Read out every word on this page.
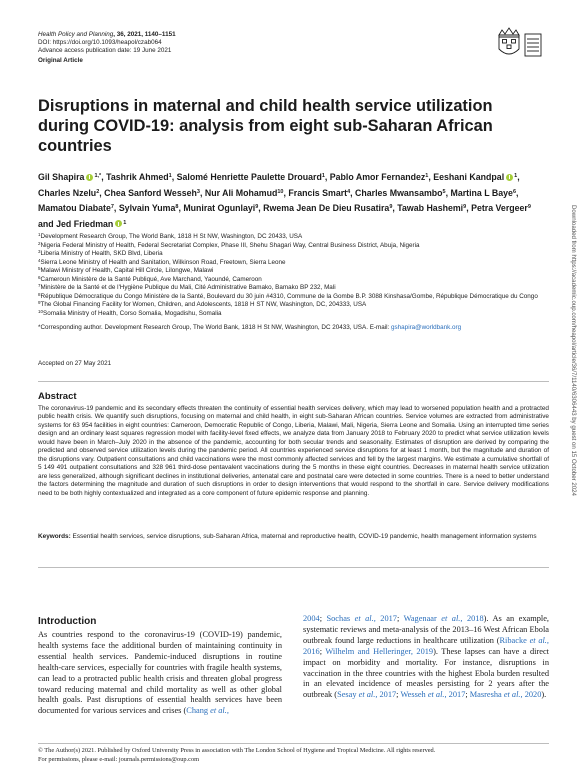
Health Policy and Planning, 36, 2021, 1140–1151
DOI: https://doi.org/10.1093/heapol/czab064
Advance access publication date: 19 June 2021
Original Article
Disruptions in maternal and child health service utilization during COVID-19: analysis from eight sub-Saharan African countries
Gil Shapira $^{1,*}$, Tashrik Ahmed$^1$, Salomé Henriette Paulette Drouard$^1$, Pablo Amor Fernandez$^1$, Eeshani Kandpal $^1$, Charles Nzelu$^2$, Chea Sanford Wesseh$^3$, Nur Ali Mohamud$^{10}$, Francis Smart$^4$, Charles Mwansambo$^5$, Martina L Baye$^6$, Mamatou Diabate$^7$, Sylvain Yuma$^8$, Munirat Ogunlayi$^9$, Rwema Jean De Dieu Rusatira$^9$, Tawab Hashemi$^9$, Petra Vergeer$^9$ and Jed Friedman $^1$
$^1$Development Research Group, The World Bank, 1818 H St NW, Washington, DC 20433, USA
$^2$Nigeria Federal Ministry of Health, Federal Secretariat Complex, Phase III, Shehu Shagari Way, Central Business District, Abuja, Nigeria
$^3$Liberia Ministry of Health, SKD Blvd, Liberia
$^4$Sierra Leone Ministry of Health and Sanitation, Wilkinson Road, Freetown, Sierra Leone
$^5$Malawi Ministry of Health, Capital Hill Circle, Lilongwe, Malawi
$^6$Cameroun Ministère de la Santé Publiqué, Ave Marchand, Yaoundé, Cameroon
$^7$Ministère de la Santé et de l'Hygiène Publique du Mali, Cité Administrative Bamako, Bamako BP 232, Mali
$^8$République Démocratique du Congo Ministère de la Santé, Boulevard du 30 juin #4310, Commune de la Gombe B.P. 3088 Kinshasa/Gombe, République Démocratique du Congo
$^9$The Global Financing Facility for Women, Children, and Adolescents, 1818 H ST NW, Washington, DC, 204333, USA
$^{10}$Somalia Ministry of Health, Corso Somalia, Mogadishu, Somalia
*Corresponding author. Development Research Group, The World Bank, 1818 H St NW, Washington, DC 20433, USA. E-mail: gshapira@worldbank.org
Accepted on 27 May 2021
Abstract
The coronavirus-19 pandemic and its secondary effects threaten the continuity of essential health services delivery, which may lead to worsened population health and a protracted public health crisis. We quantify such disruptions, focusing on maternal and child health, in eight sub-Saharan African countries. Service volumes are extracted from administrative systems for 63 954 facilities in eight countries: Cameroon, Democratic Republic of Congo, Liberia, Malawi, Mali, Nigeria, Sierra Leone and Somalia. Using an interrupted time series design and an ordinary least squares regression model with facility-level fixed effects, we analyze data from January 2018 to February 2020 to predict what service utilization levels would have been in March–July 2020 in the absence of the pandemic, accounting for both secular trends and seasonality. Estimates of disruption are derived by comparing the predicted and observed service utilization levels during the pandemic period. All countries experienced service disruptions for at least 1 month, but the magnitude and duration of the disruptions vary. Outpatient consultations and child vaccinations were the most commonly affected services and fell by the largest margins. We estimate a cumulative shortfall of 5 149 491 outpatient consultations and 328 961 third-dose pentavalent vaccinations during the 5 months in these eight countries. Decreases in maternal health service utilization are less generalized, although significant declines in institutional deliveries, antenatal care and postnatal care were detected in some countries. There is a need to better understand the factors determining the magnitude and duration of such disruptions in order to design interventions that would respond to the shortfall in care. Service delivery modifications need to be both highly contextualized and integrated as a core component of future epidemic response and planning.
Keywords: Essential health services, service disruptions, sub-Saharan Africa, maternal and reproductive health, COVID-19 pandemic, health management information systems
Introduction
As countries respond to the coronavirus-19 (COVID-19) pandemic, health systems face the additional burden of maintaining continuity in essential health services. Pandemic-induced disruptions in routine health-care services, especially for countries with fragile health systems, can lead to a protracted public health crisis and threaten global progress toward reducing maternal and child mortality as well as other global health goals. Past disruptions of essential health services have been documented for various services and crises (Chang et al.,
2004; Sochas et al., 2017; Wagenaar et al., 2018). As an example, systematic reviews and meta-analysis of the 2013–16 West African Ebola outbreak found large reductions in healthcare utilization (Ribacke et al., 2016; Wilhelm and Helleringer, 2019). These lapses can have a direct impact on morbidity and mortality. For instance, disruptions in vaccination in the three countries with the highest Ebola burden resulted in an elevated incidence of measles persisting for 2 years after the outbreak (Sesay et al., 2017; Wesseh et al., 2017; Masresha et al., 2020).
© The Author(s) 2021. Published by Oxford University Press in association with The London School of Hygiene and Tropical Medicine. All rights reserved.
For permissions, please e-mail: journals.permissions@oup.com
Downloaded from https://academic.oup.com/heapol/article/36/7/1140/6306443 by guest on 15 October 2024
